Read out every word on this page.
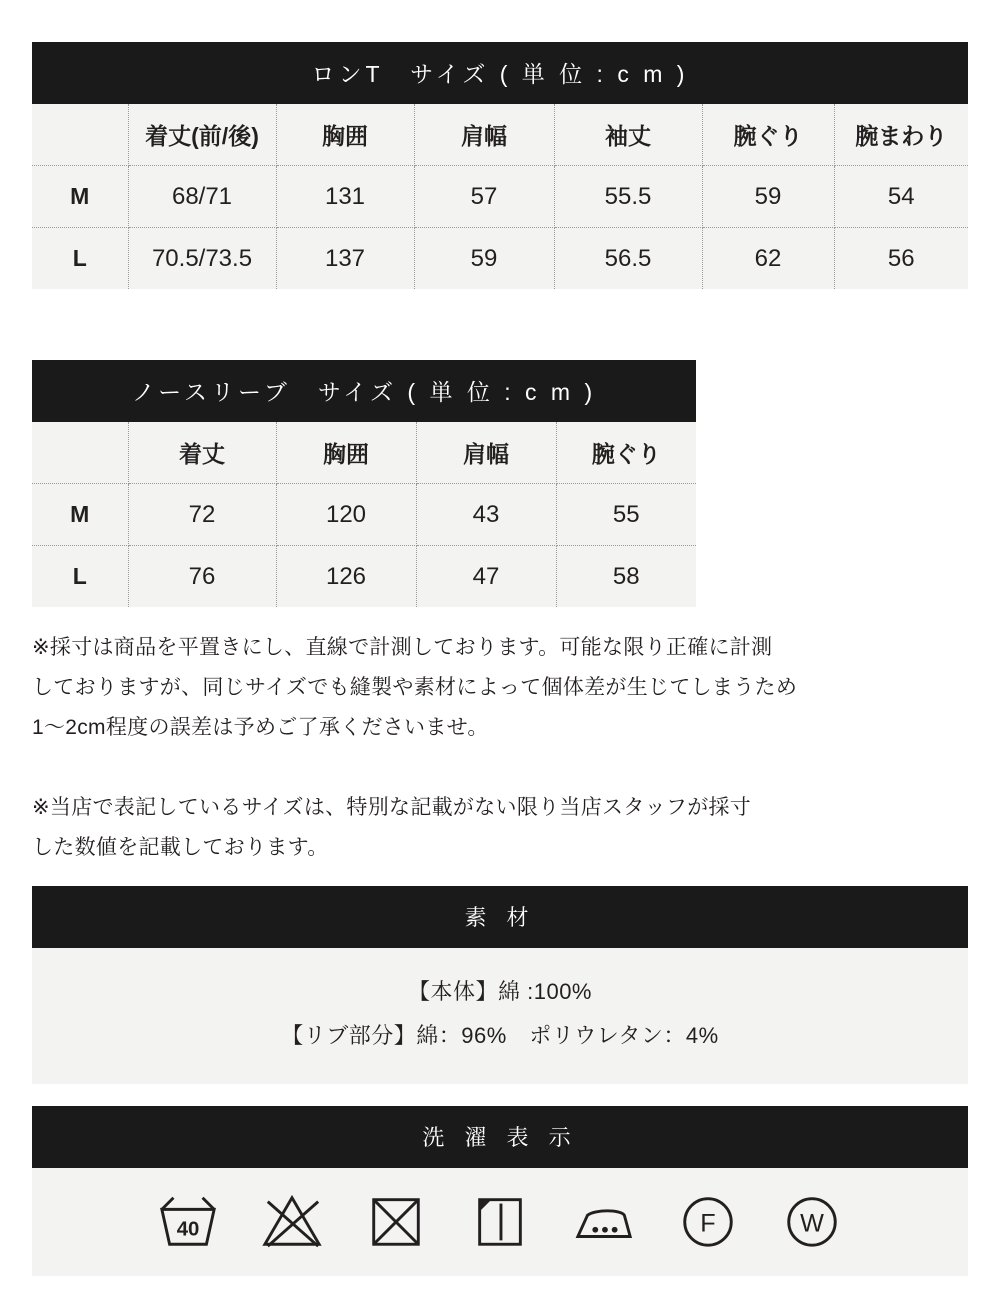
ロンT　サイズ ( 単 位 : c m )
	着丈(前/後)	胸囲	肩幅	袖丈	腕ぐり	腕まわり
M	68/71	131	57	55.5	59	54
L	70.5/73.5	137	59	56.5	62	56
ノースリーブ　サイズ ( 単 位 : c m )
	着丈	胸囲	肩幅	腕ぐり
M	72	120	43	55
L	76	126	47	58

※採寸は商品を平置きにし、直線で計測しております。可能な限り正確に計測

しておりますが、同じサイズでも縫製や素材によって個体差が生じてしまうため

1〜2cm程度の誤差は予めご了承くださいませ。

※当店で表記しているサイズは、特別な記載がない限り当店スタッフが採寸

した数値を記載しております。

素 材
【本体】綿 :100%
【リブ部分】綿：96%　ポリウレタン：4%
洗 濯 表 示
40	F	W
